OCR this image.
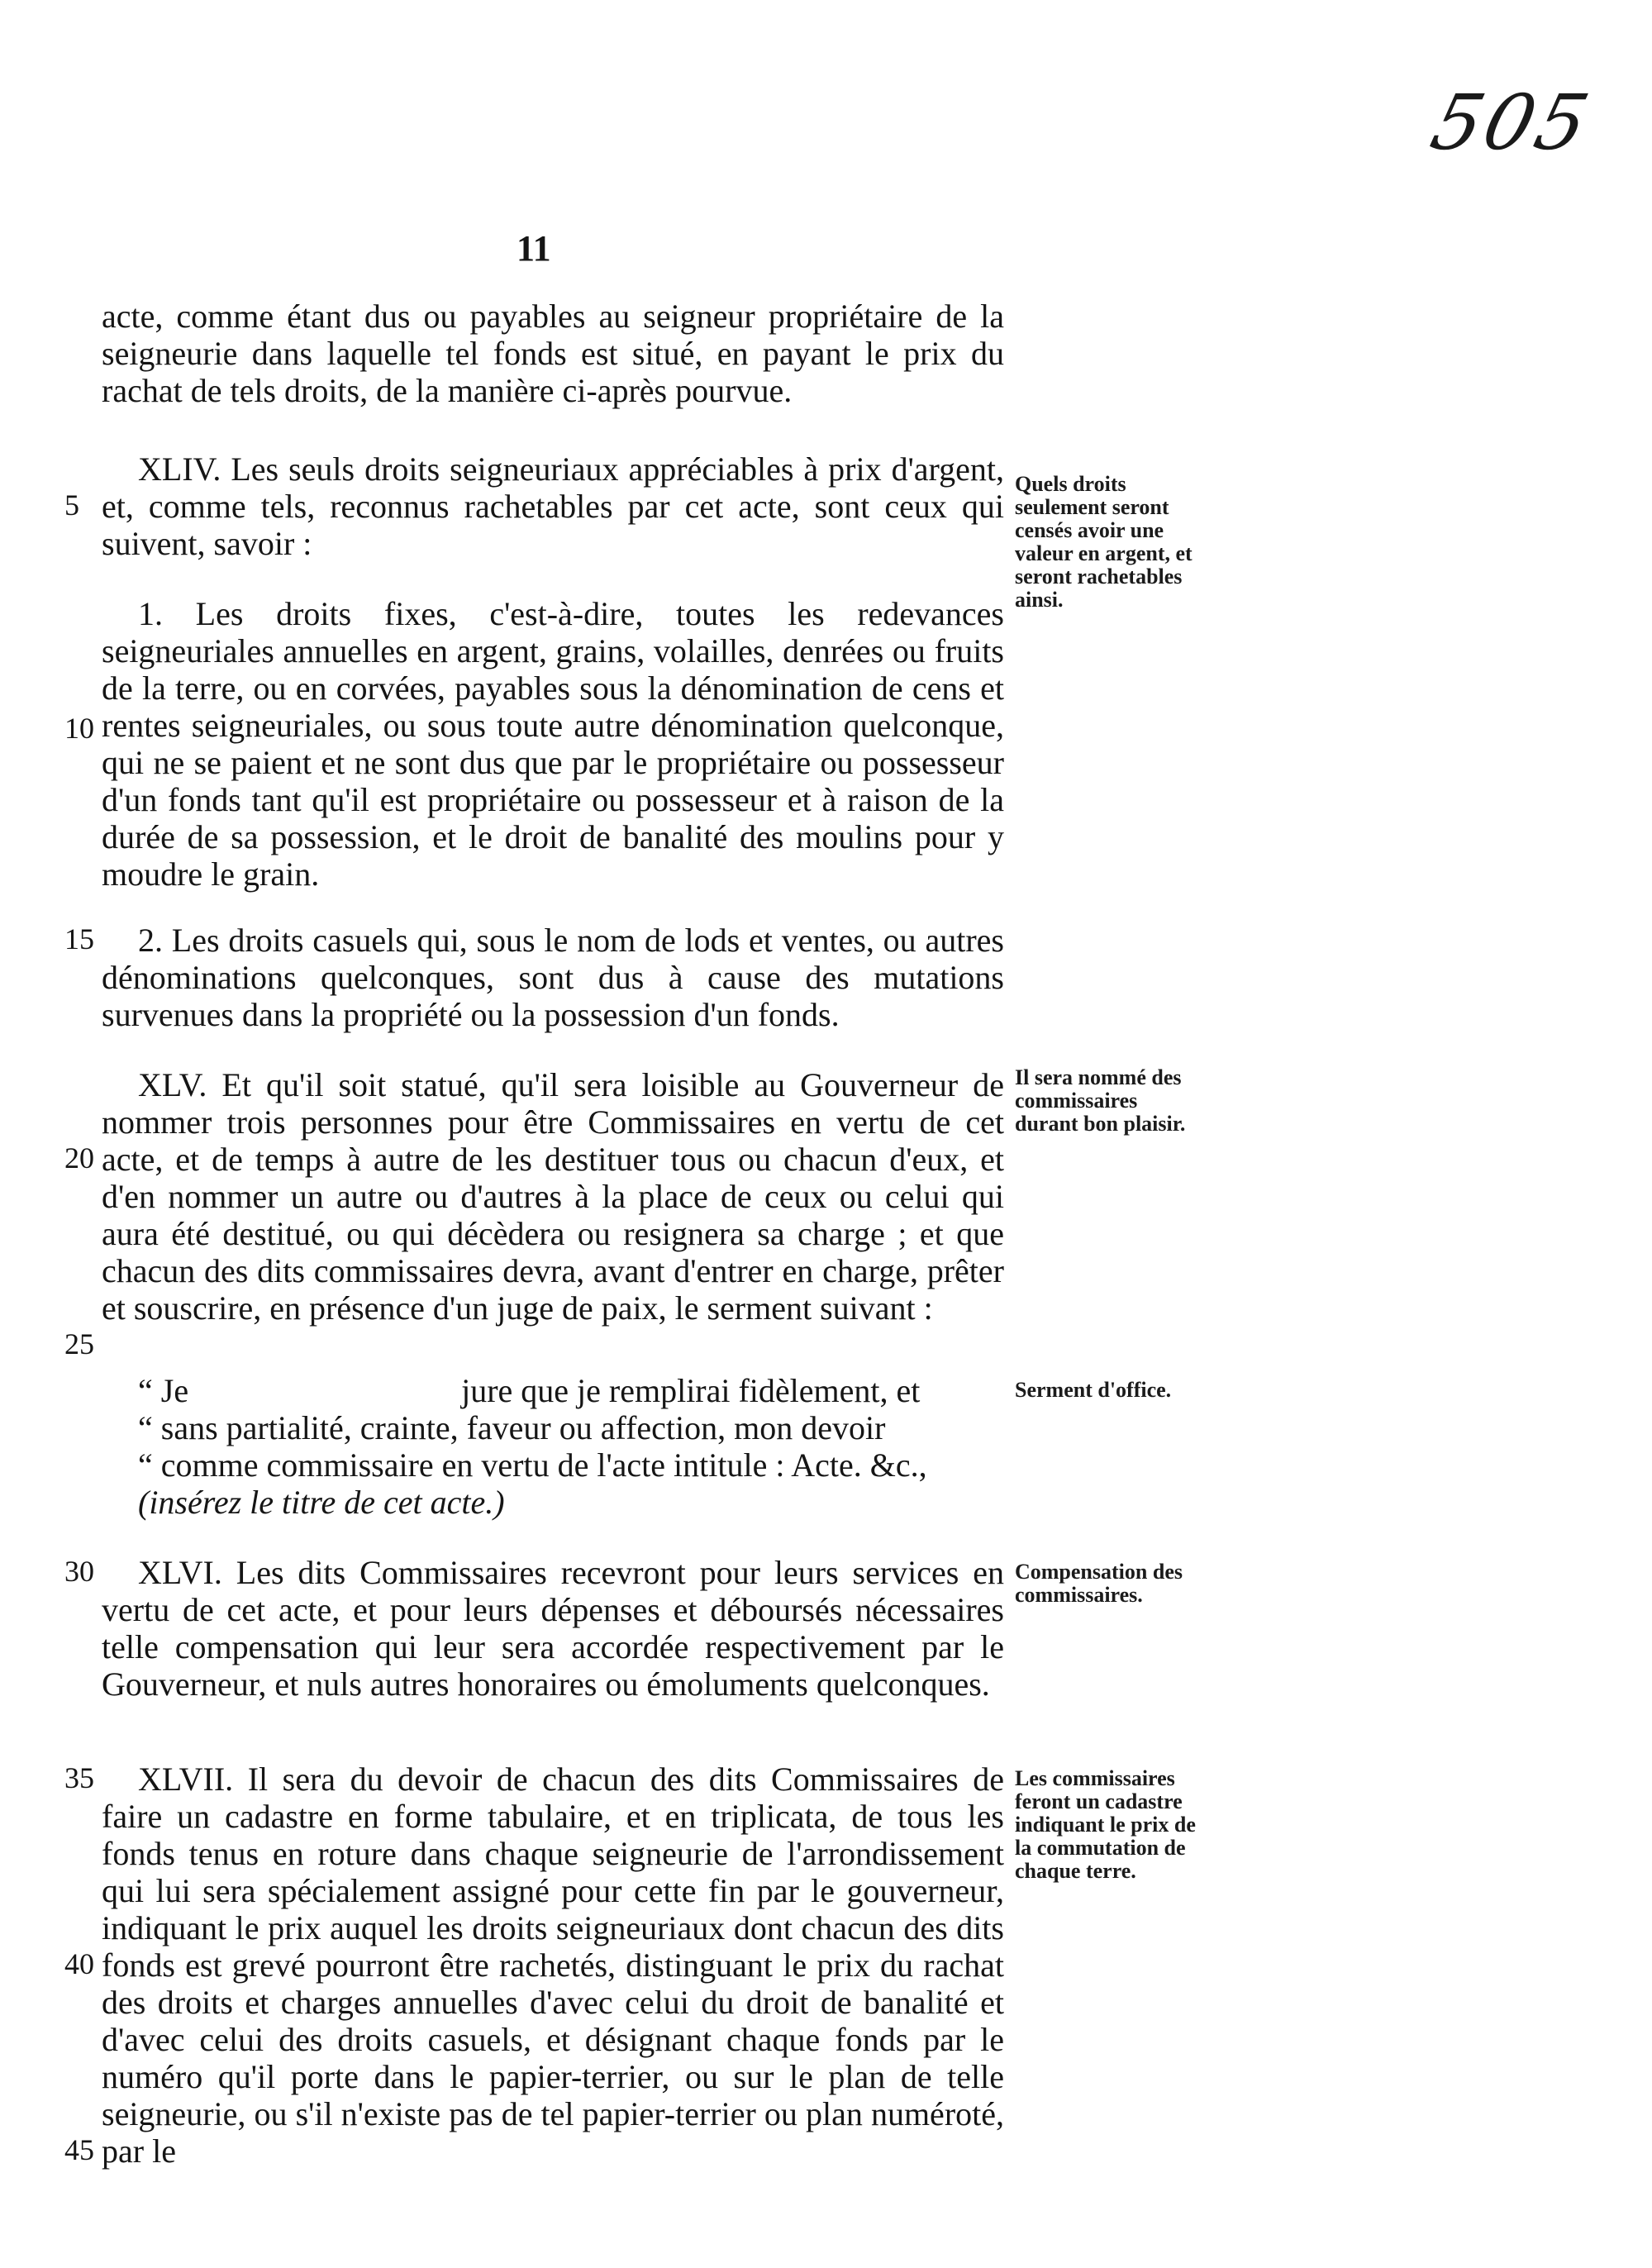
505
11

acte, comme étant dus ou payables au seigneur propriétaire de la seigneurie dans laquelle tel fonds est situé, en payant le prix du rachat de tels droits, de la manière ci-après pourvue.

XLIV. Les seuls droits seigneuriaux appréciables à prix d'argent, et, comme tels, reconnus rachetables par cet acte, sont ceux qui suivent, savoir :

1. Les droits fixes, c'est-à-dire, toutes les redevances seigneuriales annuelles en argent, grains, volailles, denrées ou fruits de la terre, ou en corvées, payables sous la dénomination de cens et rentes seigneuriales, ou sous toute autre dénomination quelconque, qui ne se paient et ne sont dus que par le propriétaire ou possesseur d'un fonds tant qu'il est propriétaire ou possesseur et à raison de la durée de sa possession, et le droit de banalité des moulins pour y moudre le grain.

2. Les droits casuels qui, sous le nom de lods et ventes, ou autres dénominations quelconques, sont dus à cause des mutations survenues dans la propriété ou la possession d'un fonds.

XLV. Et qu'il soit statué, qu'il sera loisible au Gouverneur de nommer trois personnes pour être Commissaires en vertu de cet acte, et de temps à autre de les destituer tous ou chacun d'eux, et d'en nommer un autre ou d'autres à la place de ceux ou celui qui aura été destitué, ou qui décèdera ou resignera sa charge ; et que chacun des dits commissaires devra, avant d'entrer en charge, prêter et souscrire, en présence d'un juge de paix, le serment suivant :

“ Je	jure que je remplirai fidèlement, et
“ sans partialité, crainte, faveur ou affection, mon devoir
“ comme commissaire en vertu de l'acte intitule : Acte. &c.,
(insérez le titre de cet acte.)

XLVI. Les dits Commissaires recevront pour leurs services en vertu de cet acte, et pour leurs dépenses et déboursés nécessaires telle compensation qui leur sera accordée respectivement par le Gouverneur, et nuls autres honoraires ou émoluments quelconques.

XLVII. Il sera du devoir de chacun des dits Commissaires de faire un cadastre en forme tabulaire, et en triplicata, de tous les fonds tenus en roture dans chaque seigneurie de l'arrondissement qui lui sera spécialement assigné pour cette fin par le gouverneur, indiquant le prix auquel les droits seigneuriaux dont chacun des dits fonds est grevé pourront être rachetés, distinguant le prix du rachat des droits et charges annuelles d'avec celui du droit de banalité et d'avec celui des droits casuels, et désignant chaque fonds par le numéro qu'il porte dans le papier-terrier, ou sur le plan de telle seigneurie, ou s'il n'existe pas de tel papier-terrier ou plan numéroté, par le

5
10
15
20
25
30
35
40
45
Quels droits seulement seront censés avoir une valeur en argent, et seront rachetables ainsi.
Il sera nommé des commissaires durant bon plaisir.
Serment d'office.
Compensation des commissaires.
Les commissaires feront un cadastre indiquant le prix de la commutation de chaque terre.
